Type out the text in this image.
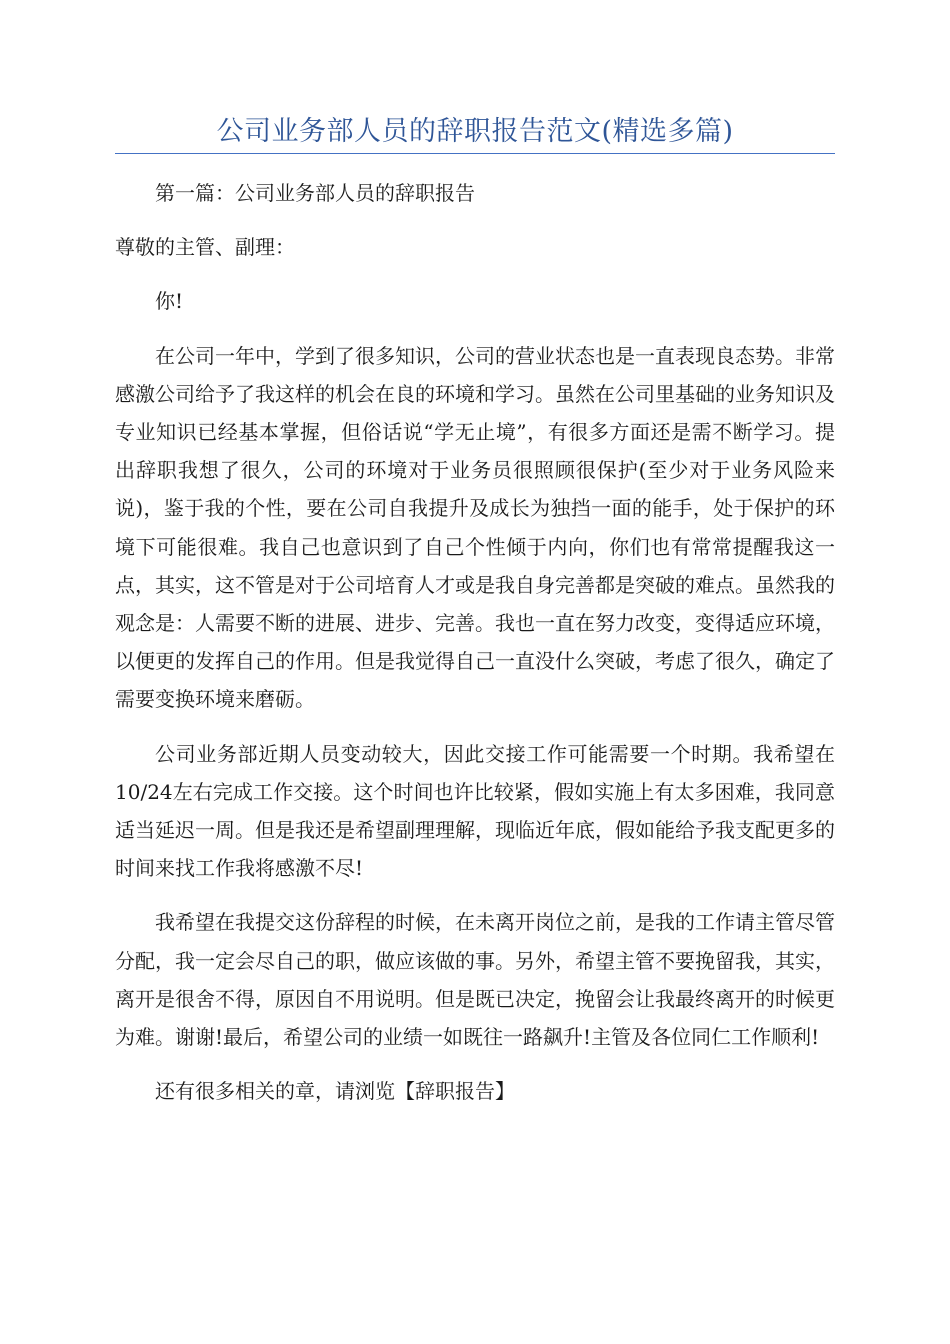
公司业务部人员的辞职报告范文(精选多篇)

第一篇：公司业务部人员的辞职报告

尊敬的主管、副理：

你!

在公司一年中，学到了很多知识，公司的营业状态也是一直表现良态势。非常感激公司给予了我这样的机会在良的环境和学习。虽然在公司里基础的业务知识及专业知识已经基本掌握，但俗话说“学无止境”，有很多方面还是需不断学习。提出辞职我想了很久，公司的环境对于业务员很照顾很保护(至少对于业务风险来说)，鉴于我的个性，要在公司自我提升及成长为独挡一面的能手，处于保护的环境下可能很难。我自己也意识到了自己个性倾于内向，你们也有常常提醒我这一点，其实，这不管是对于公司培育人才或是我自身完善都是突破的难点。虽然我的观念是：人需要不断的进展、进步、完善。我也一直在努力改变，变得适应环境，以便更的发挥自己的作用。但是我觉得自己一直没什么突破，考虑了很久，确定了需要变换环境来磨砺。

公司业务部近期人员变动较大，因此交接工作可能需要一个时期。我希望在10/24左右完成工作交接。这个时间也许比较紧，假如实施上有太多困难，我同意适当延迟一周。但是我还是希望副理理解，现临近年底，假如能给予我支配更多的时间来找工作我将感激不尽!

我希望在我提交这份辞程的时候，在未离开岗位之前，是我的工作请主管尽管分配，我一定会尽自己的职，做应该做的事。另外，希望主管不要挽留我，其实，离开是很舍不得，原因自不用说明。但是既已决定，挽留会让我最终离开的时候更为难。谢谢!最后，希望公司的业绩一如既往一路飙升!主管及各位同仁工作顺利!

还有很多相关的章，请浏览【辞职报告】
